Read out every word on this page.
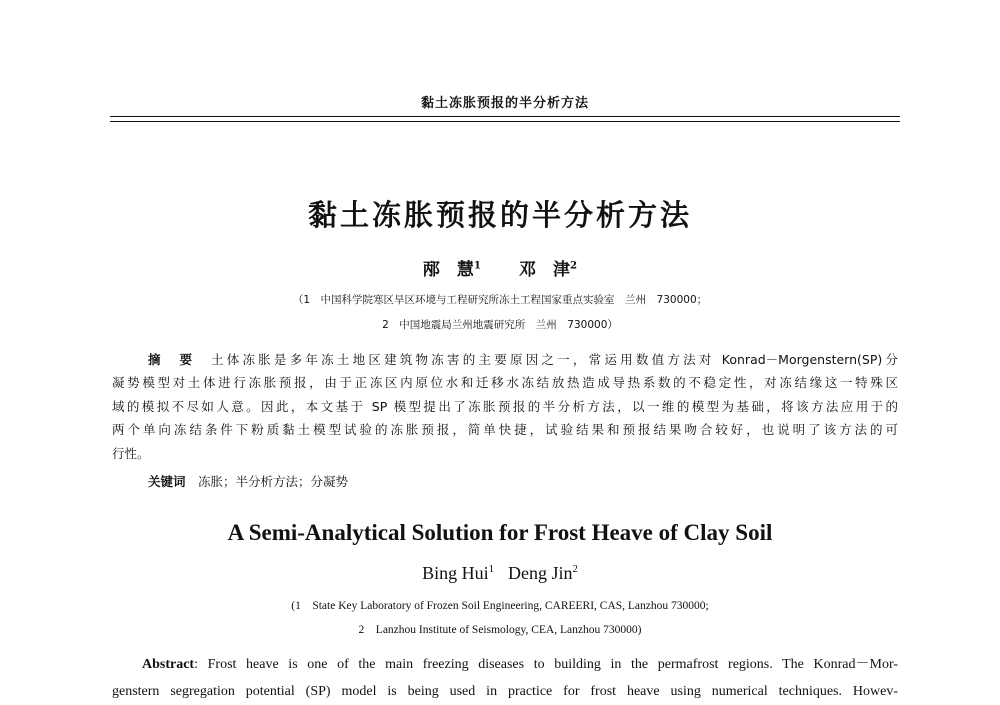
黏土冻胀预报的半分析方法
黏土冻胀预报的半分析方法
邴　慧$^1$ 邓　津$^2$
（1　中国科学院寒区旱区环境与工程研究所冻土工程国家重点实验室　兰州　730000；
2　中国地震局兰州地震研究所　兰州　730000）
摘　要　 土体冻胀是多年冻土地区建筑物冻害的主要原因之一，常运用数值方法对 Konrad－Morgenstern(SP)分
凝势模型对土体进行冻胀预报，由于正冻区内原位水和迁移水冻结放热造成导热系数的不稳定性，对冻结缘这一特殊区
域的模拟不尽如人意。因此，本文基于 SP 模型提出了冻胀预报的半分析方法，以一维的模型为基础，将该方法应用于的
两个单向冻结条件下粉质黏土模型试验的冻胀预报，简单快捷，试验结果和预报结果吻合较好，也说明了该方法的可
行性。
关键词　 冻胀；半分析方法；分凝势
A Semi-Analytical Solution for Frost Heave of Clay Soil
Bing Hui$^1$ Deng Jin$^2$
(1　State Key Laboratory of Frozen Soil Engineering, CAREERI, CAS, Lanzhou 730000;
2　Lanzhou Institute of Seismology, CEA, Lanzhou 730000)
Abstract: Frost heave is one of the main freezing diseases to building in the permafrost regions. The Konrad－Mor-
genstern segregation potential (SP) model is being used in practice for frost heave using numerical techniques. Howev-
